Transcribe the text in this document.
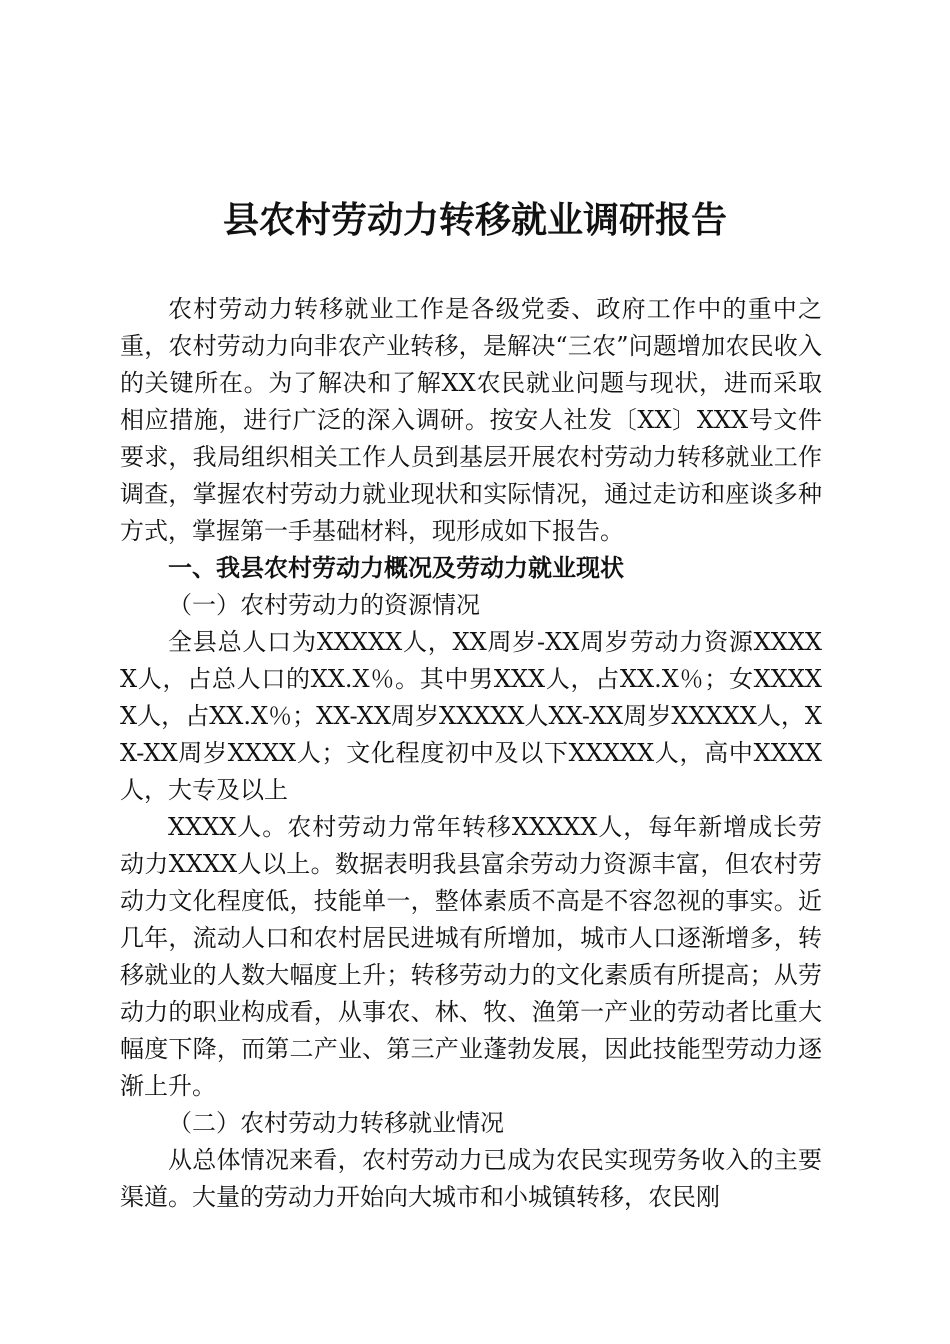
县农村劳动力转移就业调研报告

农村劳动力转移就业工作是各级党委、政府工作中的重中之重，农村劳动力向非农产业转移，是解决“三农”问题增加农民收入的关键所在。为了解决和了解XX农民就业问题与现状，进而采取相应措施，进行广泛的深入调研。按安人社发〔XX〕XXX号文件要求，我局组织相关工作人员到基层开展农村劳动力转移就业工作调查，掌握农村劳动力就业现状和实际情况，通过走访和座谈多种方式，掌握第一手基础材料，现形成如下报告。

一、我县农村劳动力概况及劳动力就业现状

（一）农村劳动力的资源情况

全县总人口为XXXXX人，XX周岁-XX周岁劳动力资源XXXXX人，占总人口的XX.X％。其中男XXX人，占XX.X％；女XXXXX人，占XX.X％；XX-XX周岁XXXXX人XX-XX周岁XXXXX人，XX-XX周岁XXXX人；文化程度初中及以下XXXXX人，高中XXXX人，大专及以上

XXXX人。农村劳动力常年转移XXXXX人，每年新增成长劳动力XXXX人以上。数据表明我县富余劳动力资源丰富，但农村劳动力文化程度低，技能单一，整体素质不高是不容忽视的事实。近几年，流动人口和农村居民进城有所增加，城市人口逐渐增多，转移就业的人数大幅度上升；转移劳动力的文化素质有所提高；从劳动力的职业构成看，从事农、林、牧、渔第一产业的劳动者比重大幅度下降，而第二产业、第三产业蓬勃发展，因此技能型劳动力逐渐上升。

（二）农村劳动力转移就业情况

从总体情况来看，农村劳动力已成为农民实现劳务收入的主要渠道。大量的劳动力开始向大城市和小城镇转移，农民刚
